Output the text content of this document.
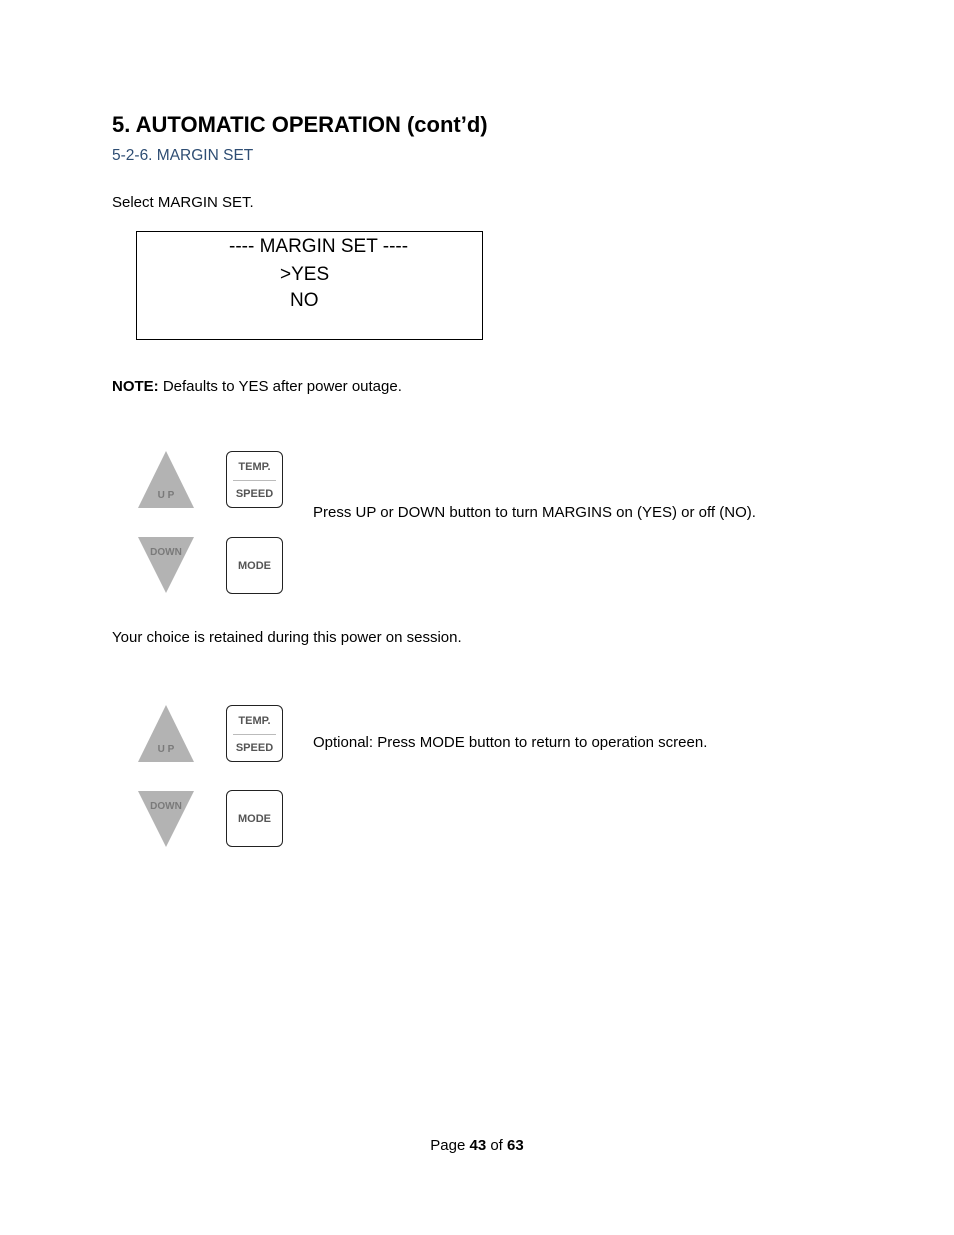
5. AUTOMATIC OPERATION (cont’d)
5-2-6. MARGIN SET
Select MARGIN SET.
---- MARGIN SET ----
>YES
NO
NOTE: Defaults to YES after power outage.
U P
TEMP.
SPEED
DOWN
MODE
Press UP or DOWN button to turn MARGINS on (YES) or off (NO).
Your choice is retained during this power on session.
U P
TEMP.
SPEED
DOWN
MODE
Optional: Press MODE button to return to operation screen.
Page 43 of 63
